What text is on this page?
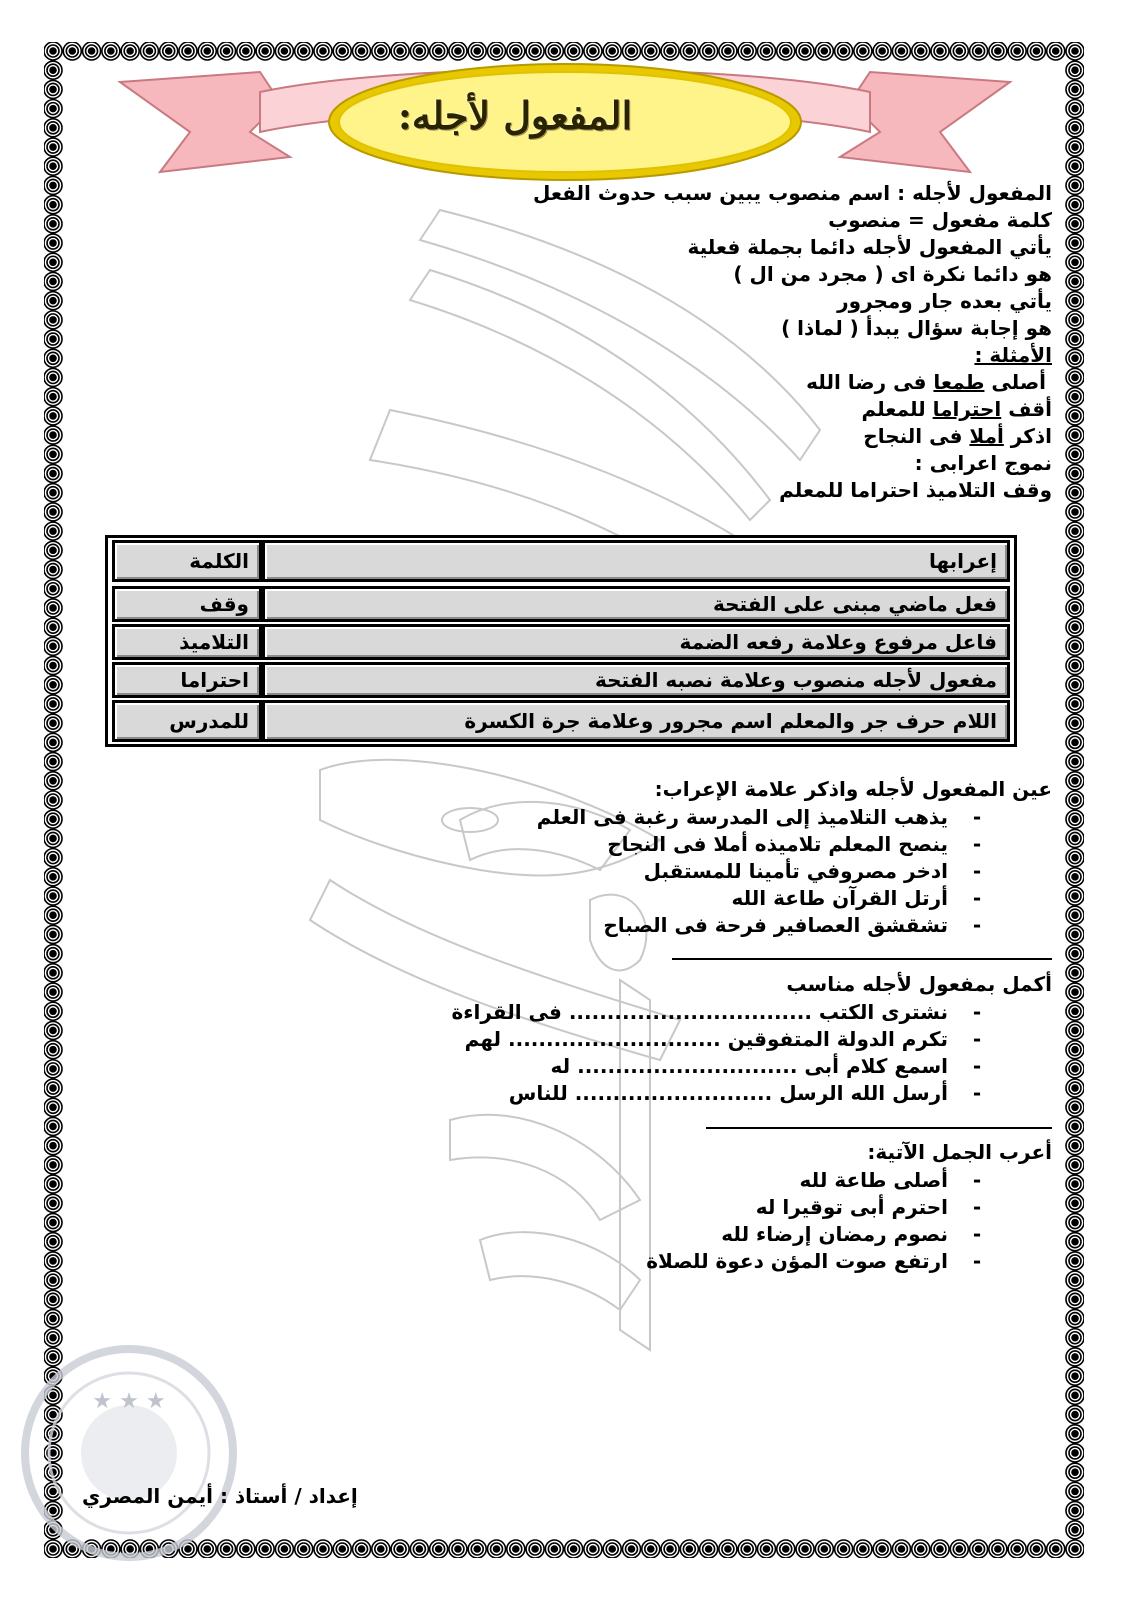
المفعول لأجله:
المفعول لأجله : اسم منصوب يبين سبب حدوث الفعل
كلمة مفعول = منصوب
يأتي المفعول لأجله دائما بجملة فعلية
هو دائما نكرة اى ( مجرد من ال )
يأتي بعده جار ومجرور
هو إجابة سؤال يبدأ ( لماذا )
الأمثلة :
أصلى طمعا فى رضا الله
أقف احتراما للمعلم
اذكر أملا فى النجاح
نموج اعرابى :
وقف التلاميذ احتراما للمعلم
الكلمة	إعرابها
وقف	فعل ماضي مبنى على الفتحة
التلاميذ	فاعل مرفوع وعلامة رفعه الضمة
احتراما	مفعول لأجله منصوب وعلامة نصبه الفتحة
للمدرس	اللام حرف جر والمعلم اسم مجرور وعلامة جرة الكسرة
عين المفعول لأجله واذكر علامة الإعراب:
-يذهب التلاميذ إلى المدرسة رغبة فى العلم
-ينصح المعلم تلاميذه أملا فى النجاح
-ادخر مصروفي تأمينا للمستقبل
-أرتل القرآن طاعة الله
-تشقشق العصافير فرحة فى الصباح
أكمل بمفعول لأجله مناسب
-نشترى الكتب ................................ فى القراءة
-تكرم الدولة المتفوقين ............................ لهم
-اسمع كلام أبى ............................. له
-أرسل الله الرسل .......................... للناس
أعرب الجمل الآتية:
-أصلى طاعة لله
-احترم أبى توقيرا له
-نصوم رمضان إرضاء لله
-ارتفع صوت المؤن دعوة للصلاة
★ ★ ★
إعداد / أستاذ : أيمن المصري
